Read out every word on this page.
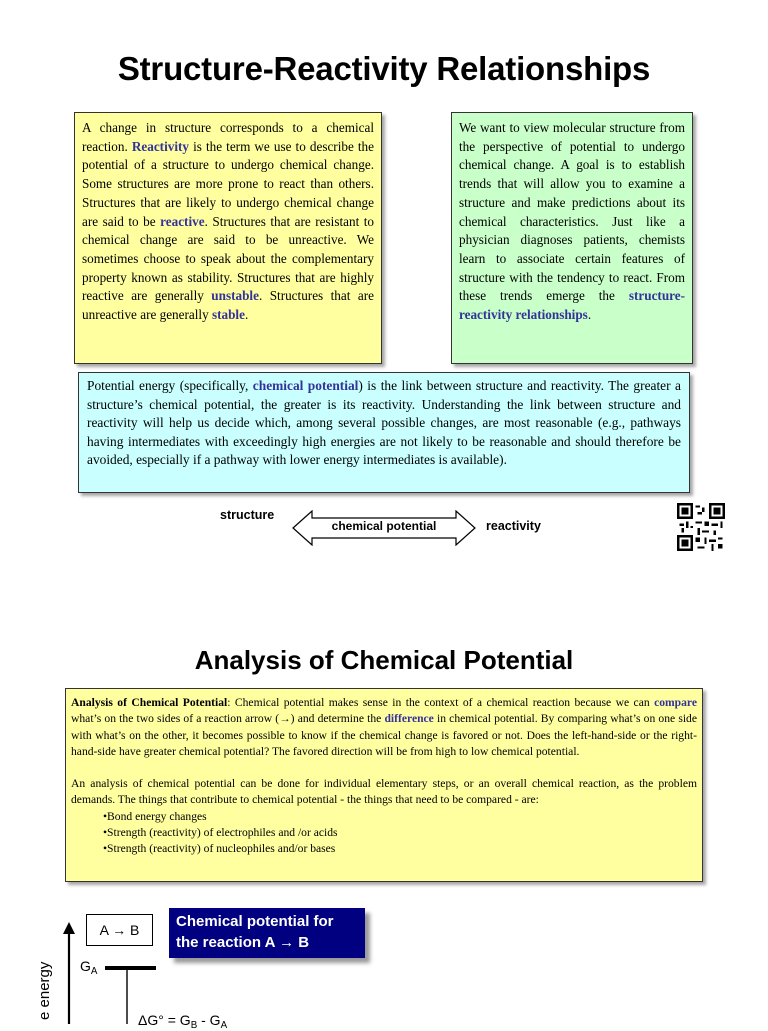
Structure-Reactivity Relationships
A change in structure corresponds to a chemical reaction. Reactivity is the term we use to describe the potential of a structure to undergo chemical change. Some structures are more prone to react than others. Structures that are likely to undergo chemical change are said to be reactive. Structures that are resistant to chemical change are said to be unreactive. We sometimes choose to speak about the complementary property known as stability. Structures that are highly reactive are generally unstable. Structures that are unreactive are generally stable.
We want to view molecular structure from the perspective of potential to undergo chemical change. A goal is to establish trends that will allow you to examine a structure and make predictions about its chemical characteristics. Just like a physician diagnoses patients, chemists learn to associate certain features of structure with the tendency to react. From these trends emerge the structure-reactivity relationships.
Potential energy (specifically, chemical potential) is the link between structure and reactivity. The greater a structure’s chemical potential, the greater is its reactivity. Understanding the link between structure and reactivity will help us decide which, among several possible changes, are most reasonable (e.g., pathways having intermediates with exceedingly high energies are not likely to be reasonable and should therefore be avoided, especially if a pathway with lower energy intermediates is available).
structure
chemical potential	reactivity
Analysis of Chemical Potential
Analysis of Chemical Potential: Chemical potential makes sense in the context of a chemical reaction because we can compare what’s on the two sides of a reaction arrow (→) and determine the difference in chemical potential. By comparing what’s on one side with what’s on the other, it becomes possible to know if the chemical change is favored or not. Does the left-hand-side or the right-hand-side have greater chemical potential? The favored direction will be from high to low chemical potential.
An analysis of chemical potential can be done for individual elementary steps, or an overall chemical reaction, as the problem demands. The things that contribute to chemical potential - the things that need to be compared - are:
•Bond energy changes
•Strength (reactivity) of electrophiles and /or acids
•Strength (reactivity) of nucleophiles and/or bases
e energy
A → B	Chemical potential for
the reaction A → B
$G_A$
$\Delta G^\circ = G_B - G_A$
